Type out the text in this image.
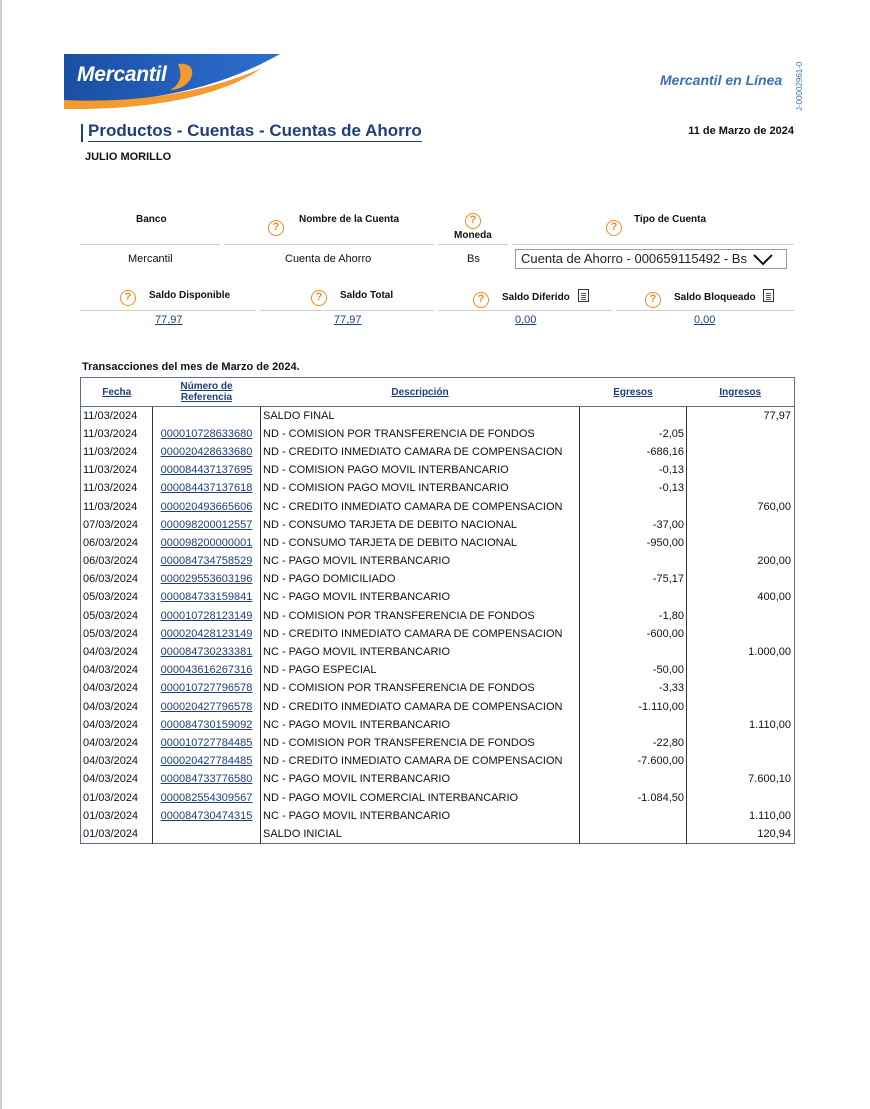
Mercantil	Mercantil en Línea J-00002961-0
Productos - Cuentas - Cuentas de Ahorro	11 de Marzo de 2024
JULIO MORILLO
Banco
?
Nombre de la Cuenta	?
Moneda
?
Tipo de Cuenta
Mercantil	Cuenta de Ahorro	Bs	Cuenta de Ahorro - 000659115492 - Bs
?	Saldo Disponible	?	Saldo Total	?	Saldo Diferido	?	Saldo Bloqueado
77,97	77,97	0,00	0,00
Transacciones del mes de Marzo de 2024.
Fecha	Número de
Referencia	Descripción	Egresos	Ingresos
11/03/2024		SALDO FINAL		77,97
11/03/2024	000010728633680	ND - COMISION POR TRANSFERENCIA DE FONDOS	-2,05	
11/03/2024	000020428633680	ND - CREDITO INMEDIATO CAMARA DE COMPENSACION	-686,16	
11/03/2024	000084437137695	ND - COMISION PAGO MOVIL INTERBANCARIO	-0,13	
11/03/2024	000084437137618	ND - COMISION PAGO MOVIL INTERBANCARIO	-0,13	
11/03/2024	000020493665606	NC - CREDITO INMEDIATO CAMARA DE COMPENSACION		760,00
07/03/2024	000098200012557	ND - CONSUMO TARJETA DE DEBITO NACIONAL	-37,00	
06/03/2024	000098200000001	ND - CONSUMO TARJETA DE DEBITO NACIONAL	-950,00	
06/03/2024	000084734758529	NC - PAGO MOVIL INTERBANCARIO		200,00
06/03/2024	000029553603196	ND - PAGO DOMICILIADO	-75,17	
05/03/2024	000084733159841	NC - PAGO MOVIL INTERBANCARIO		400,00
05/03/2024	000010728123149	ND - COMISION POR TRANSFERENCIA DE FONDOS	-1,80	
05/03/2024	000020428123149	ND - CREDITO INMEDIATO CAMARA DE COMPENSACION	-600,00	
04/03/2024	000084730233381	NC - PAGO MOVIL INTERBANCARIO		1.000,00
04/03/2024	000043616267316	ND - PAGO ESPECIAL	-50,00	
04/03/2024	000010727796578	ND - COMISION POR TRANSFERENCIA DE FONDOS	-3,33	
04/03/2024	000020427796578	ND - CREDITO INMEDIATO CAMARA DE COMPENSACION	-1.110,00	
04/03/2024	000084730159092	NC - PAGO MOVIL INTERBANCARIO		1.110,00
04/03/2024	000010727784485	ND - COMISION POR TRANSFERENCIA DE FONDOS	-22,80	
04/03/2024	000020427784485	ND - CREDITO INMEDIATO CAMARA DE COMPENSACION	-7.600,00	
04/03/2024	000084733776580	NC - PAGO MOVIL INTERBANCARIO		7.600,10
01/03/2024	000082554309567	ND - PAGO MOVIL COMERCIAL INTERBANCARIO	-1.084,50	
01/03/2024	000084730474315	NC - PAGO MOVIL INTERBANCARIO		1.110,00
01/03/2024		SALDO INICIAL		120,94
